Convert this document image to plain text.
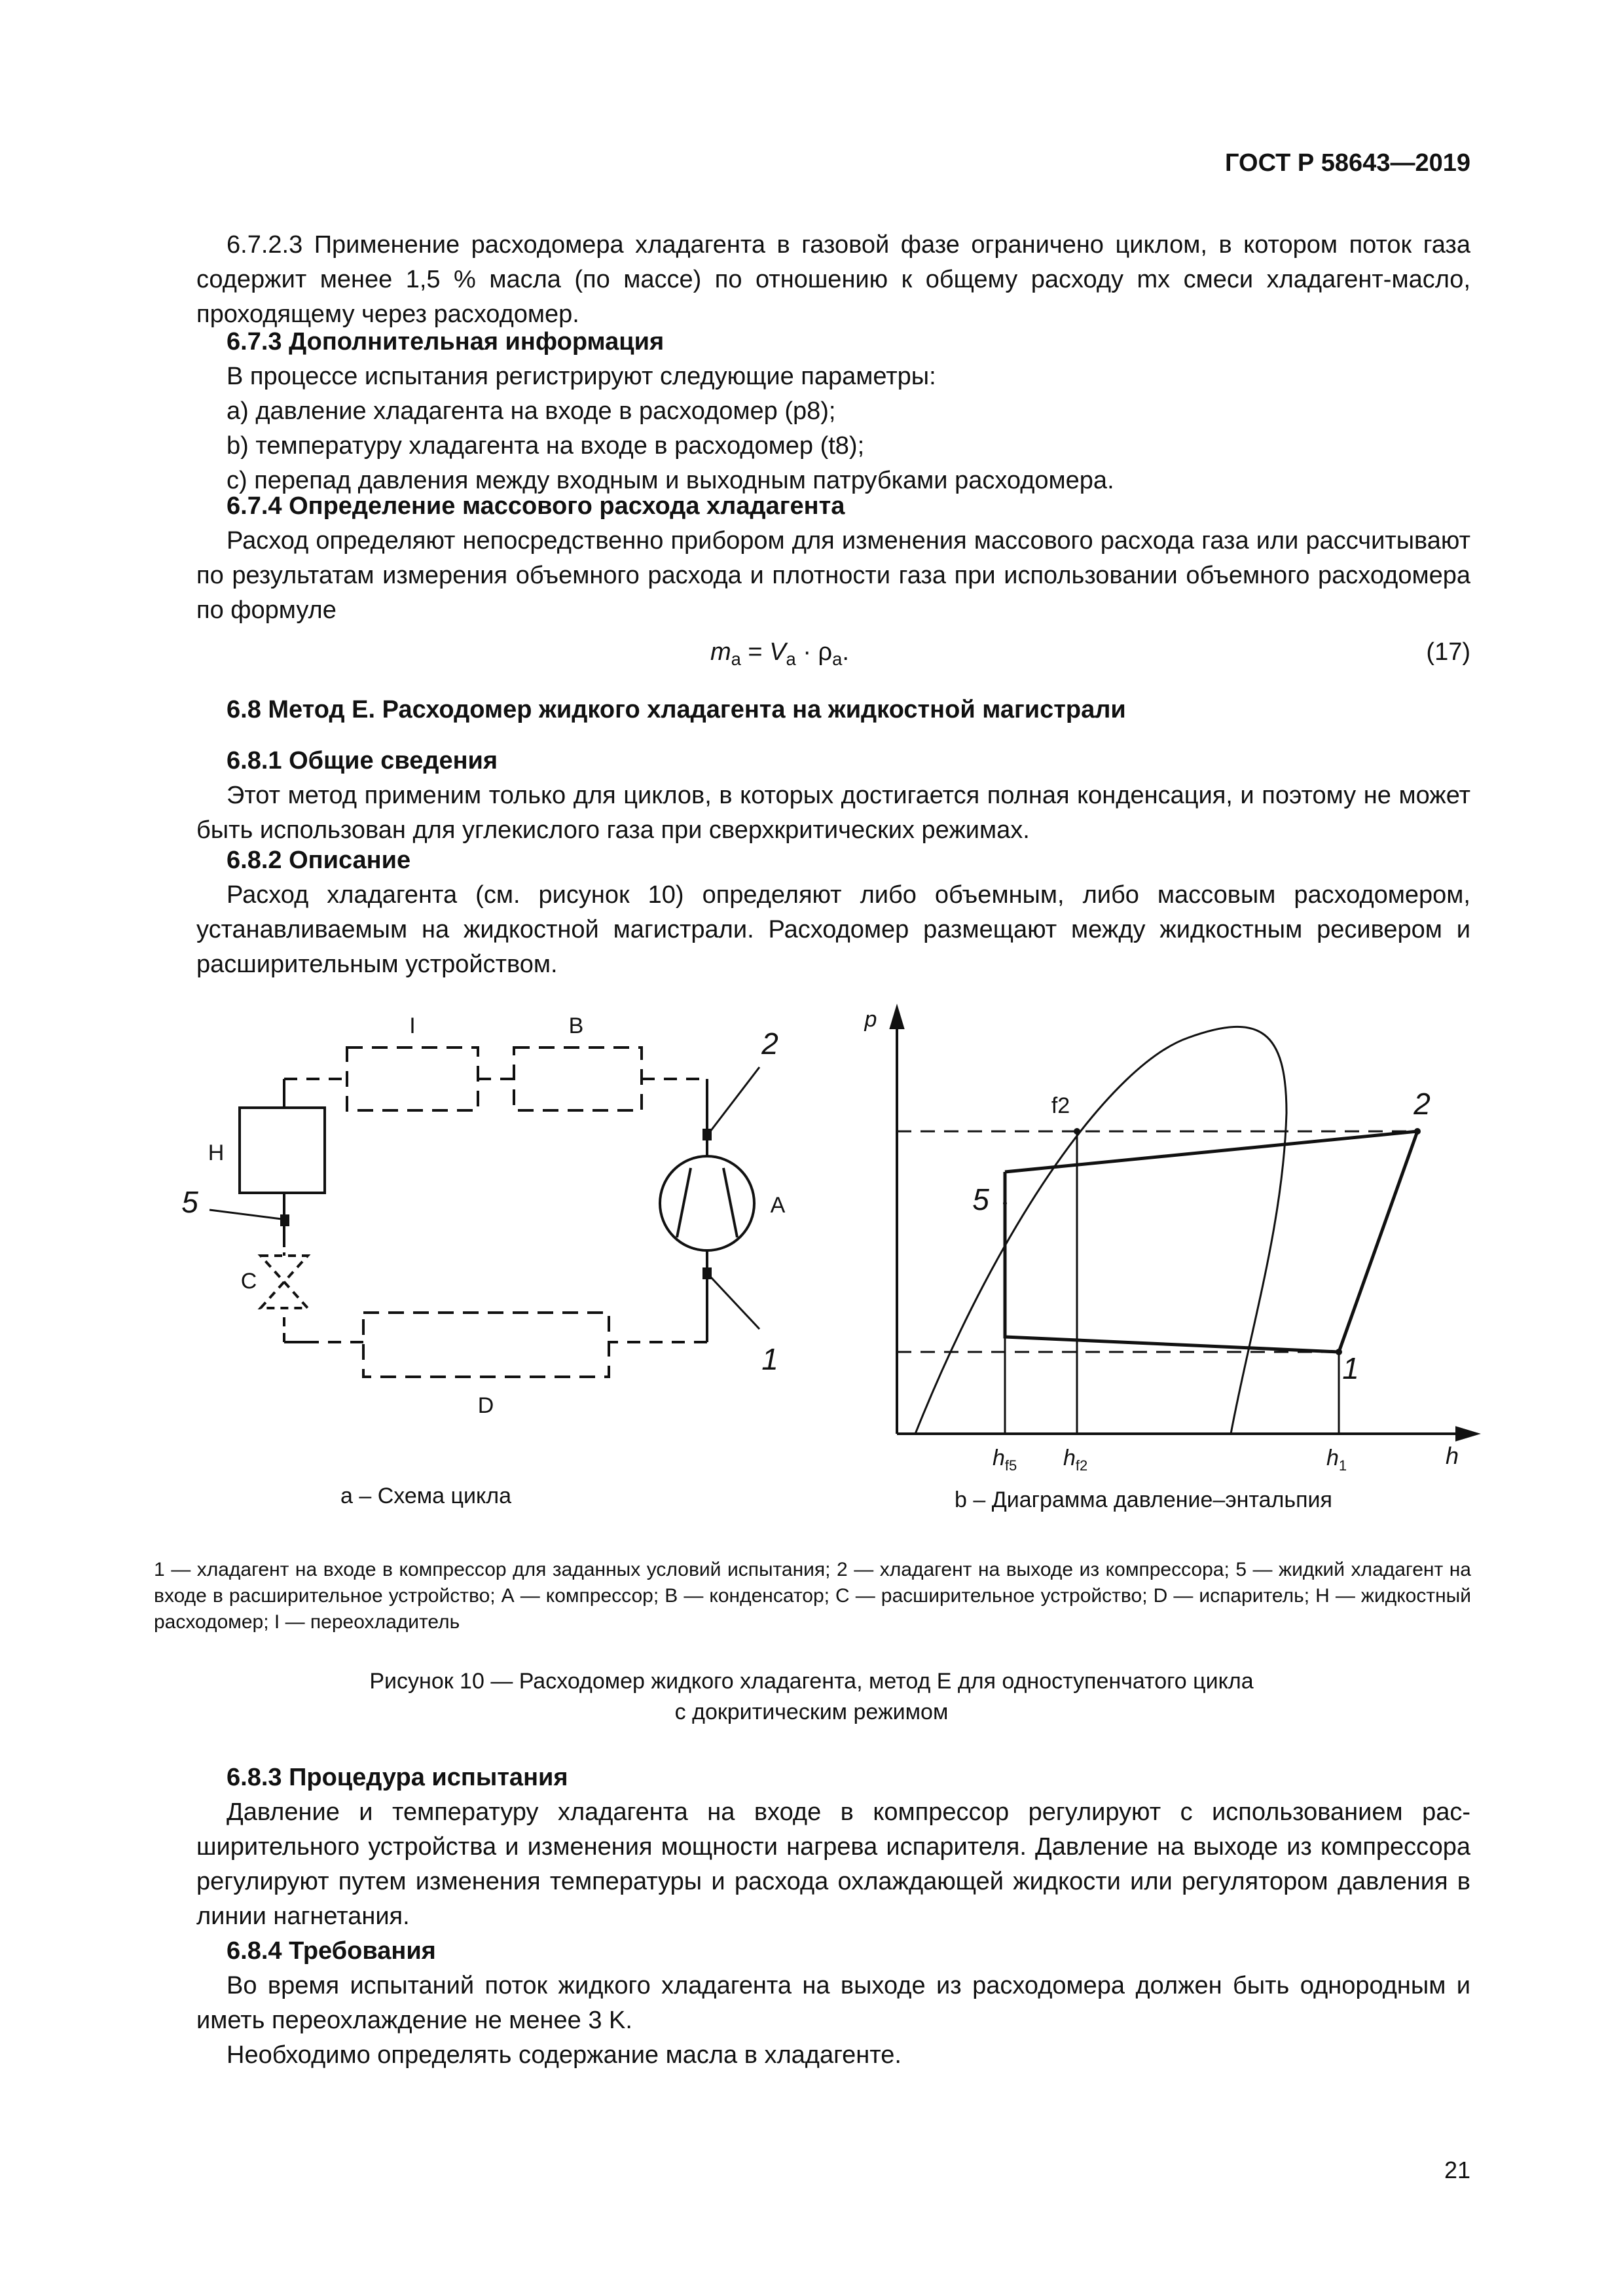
ГОСТ Р 58643—2019

6.7.2.3 Применение расходомера хладагента в газовой фазе ограничено циклом, в котором поток газа содержит менее 1,5 % масла (по массе) по отношению к общему расходу mx смеси хладагент-масло, проходящему через расходомер.

6.7.3 Дополнительная информация
В процессе испытания регистрируют следующие параметры:
a) давление хладагента на входе в расходомер (p8);
b) температуру хладагента на входе в расходомер (t8);
c) перепад давления между входным и выходным патрубками расходомера.
6.7.4 Определение массового расхода хладагента

Расход определяют непосредственно прибором для изменения массового расхода газа или рассчитывают по результатам измерения объемного расхода и плотности газа при использовании объемного расходомера по формуле

$m_a = V_a \cdot \rho_a$.	(17)
6.8 Метод Е. Расходомер жидкого хладагента на жидкостной магистрали
6.8.1 Общие сведения

Этот метод применим только для циклов, в которых достигается полная конденсация, и поэтому не может быть использован для углекислого газа при сверхкритических режимах.

6.8.2 Описание

Расход хладагента (см. рисунок 10) определяют либо объемным, либо массовым расходомером, устанавливаемым на жидкостной магистрали. Расходомер размещают между жидкостным ресивером и расширительным устройством.

I	B
H
A
C
D
2
1
5
p
h
f2	2
5
1
$h_{f5}$ $h_{f2}$	$h_1$
а – Схема цикла	b – Диаграмма давление–энтальпия

1 — хладагент на входе в компрессор для заданных условий испытания; 2 — хладагент на выходе из компрессора; 5 — жидкий хладагент на входе в расширительное устройство; А — компрессор; В — конденсатор; С — расширительное устройство; D — испаритель; H — жидкостный расходомер; I — переохладитель

Рисунок 10 — Расходомер жидкого хладагента, метод Е для одноступенчатого цикла
с докритическим режимом
6.8.3 Процедура испытания

Давление и температуру хладагента на входе в компрессор регулируют с использованием расширительного устройства и изменения мощности нагрева испарителя. Давление на выходе из компрессора регулируют путем изменения температуры и расхода охлаждающей жидкости или регулятором давления в линии нагнетания.

6.8.4 Требования

Во время испытаний поток жидкого хладагента на выходе из расходомера должен быть однородным и иметь переохлаждение не менее 3 K.

Необходимо определять содержание масла в хладагенте.
21
